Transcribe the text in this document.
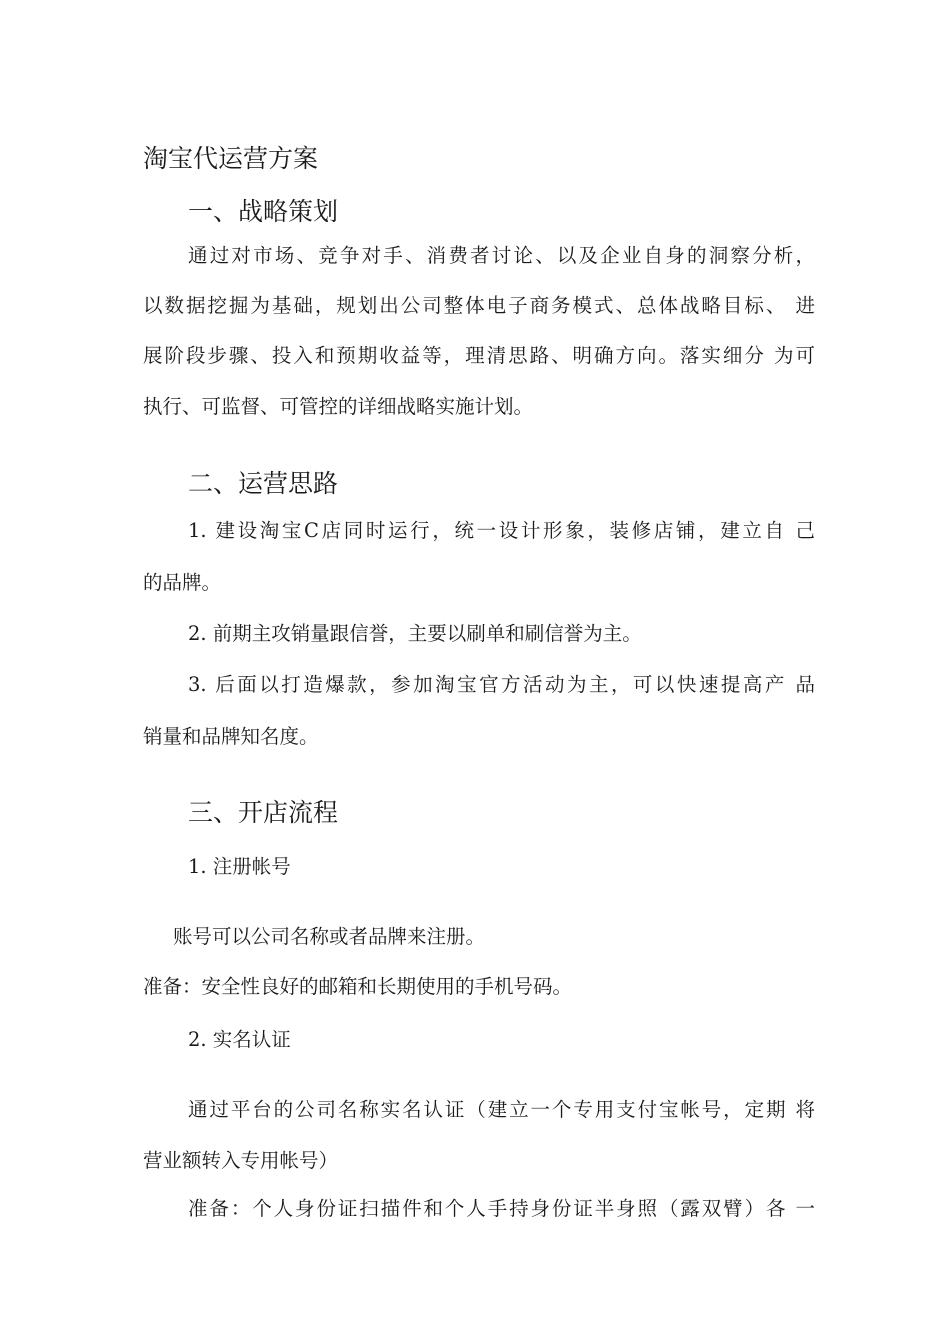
淘宝代运营方案
一、战略策划
通过对市场、竞争对手、消费者讨论、以及企业自身的洞察分析，
以数据挖掘为基础，规划出公司整体电子商务模式、总体战略目标、 进
展阶段步骤、投入和预期收益等，理清思路、明确方向。落实细分 为可
执行、可监督、可管控的详细战略实施计划。
二、运营思路
1. 建设淘宝C店同时运行，统一设计形象，装修店铺，建立自 己
的品牌。
2. 前期主攻销量跟信誉，主要以刷单和刷信誉为主。
3. 后面以打造爆款，参加淘宝官方活动为主，可以快速提高产 品
销量和品牌知名度。
三、开店流程
1. 注册帐号
账号可以公司名称或者品牌来注册。
准备：安全性良好的邮箱和长期使用的手机号码。
2. 实名认证
通过平台的公司名称实名认证（建立一个专用支付宝帐号，定期 将
营业额转入专用帐号）
准备：个人身份证扫描件和个人手持身份证半身照（露双臂）各 一
